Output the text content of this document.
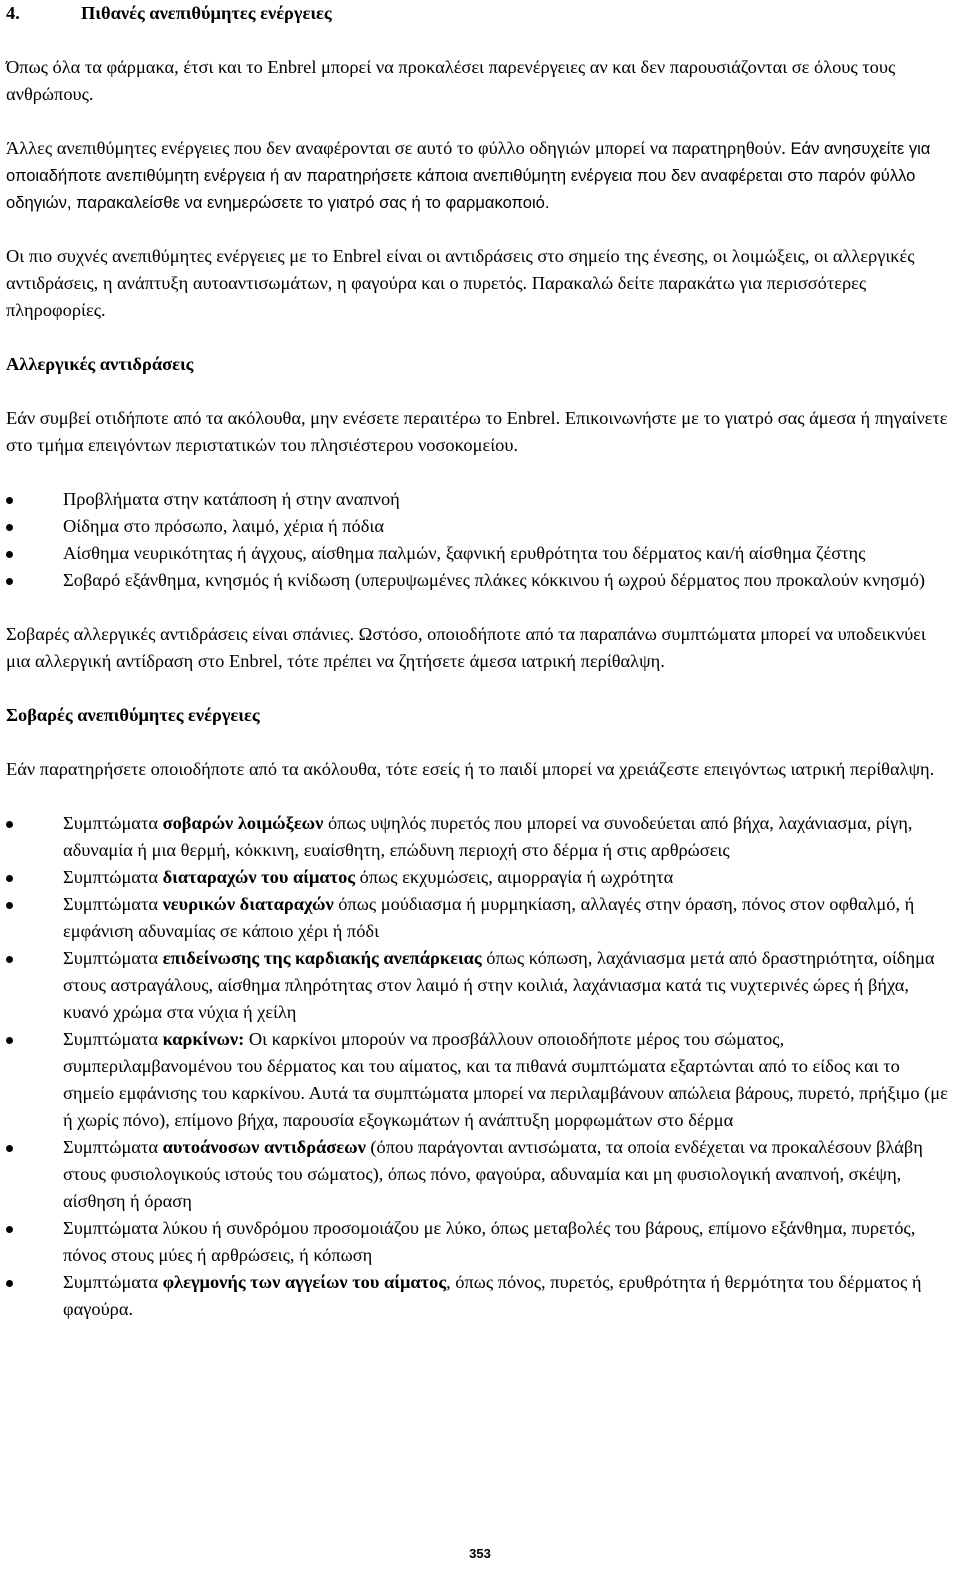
4.	Πιθανές ανεπιθύμητες ενέργειες

Όπως όλα τα φάρμακα, έτσι και το Enbrel μπορεί να προκαλέσει παρενέργειες αν και δεν παρουσιάζονται σε όλους τους ανθρώπους.

Άλλες ανεπιθύμητες ενέργειες που δεν αναφέρονται σε αυτό το φύλλο οδηγιών μπορεί να παρατηρηθούν. Εάν ανησυχείτε για οποιαδήποτε ανεπιθύμητη ενέργεια ή αν παρατηρήσετε κάποια ανεπιθύμητη ενέργεια που δεν αναφέρεται στο παρόν φύλλο οδηγιών, παρακαλείσθε να ενημερώσετε το γιατρό σας ή το φαρμακοποιό.

Οι πιο συχνές ανεπιθύμητες ενέργειες με το Enbrel είναι οι αντιδράσεις στο σημείο της ένεσης, οι λοιμώξεις, οι αλλεργικές αντιδράσεις, η ανάπτυξη αυτοαντισωμάτων, η φαγούρα και ο πυρετός. Παρακαλώ δείτε παρακάτω για περισσότερες πληροφορίες.

Αλλεργικές αντιδράσεις

Εάν συμβεί οτιδήποτε από τα ακόλουθα, μην ενέσετε περαιτέρω το Enbrel. Επικοινωνήστε με το γιατρό σας άμεσα ή πηγαίνετε στο τμήμα επειγόντων περιστατικών του πλησιέστερου νοσοκομείου.

Προβλήματα στην κατάποση ή στην αναπνοή
Οίδημα στο πρόσωπο, λαιμό, χέρια ή πόδια
Αίσθημα νευρικότητας ή άγχους, αίσθημα παλμών, ξαφνική ερυθρότητα του δέρματος και/ή αίσθημα ζέστης
Σοβαρό εξάνθημα, κνησμός ή κνίδωση (υπερυψωμένες πλάκες κόκκινου ή ωχρού δέρματος που προκαλούν κνησμό)

Σοβαρές αλλεργικές αντιδράσεις είναι σπάνιες. Ωστόσο, οποιοδήποτε από τα παραπάνω συμπτώματα μπορεί να υποδεικνύει μια αλλεργική αντίδραση στο Enbrel, τότε πρέπει να ζητήσετε άμεσα ιατρική περίθαλψη.

Σοβαρές ανεπιθύμητες ενέργειες

Εάν παρατηρήσετε οποιοδήποτε από τα ακόλουθα, τότε εσείς ή το παιδί μπορεί να χρειάζεστε επειγόντως ιατρική περίθαλψη.

Συμπτώματα σοβαρών λοιμώξεων όπως υψηλός πυρετός που μπορεί να συνοδεύεται από βήχα, λαχάνιασμα, ρίγη, αδυναμία ή μια θερμή, κόκκινη, ευαίσθητη, επώδυνη περιοχή στο δέρμα ή στις αρθρώσεις
Συμπτώματα διαταραχών του αίματος όπως εκχυμώσεις, αιμορραγία ή ωχρότητα
Συμπτώματα νευρικών διαταραχών όπως μούδιασμα ή μυρμηκίαση, αλλαγές στην όραση, πόνος στον οφθαλμό, ή εμφάνιση αδυναμίας σε κάποιο χέρι ή πόδι
Συμπτώματα επιδείνωσης της καρδιακής ανεπάρκειας όπως κόπωση, λαχάνιασμα μετά από δραστηριότητα, οίδημα στους αστραγάλους, αίσθημα πληρότητας στον λαιμό ή στην κοιλιά, λαχάνιασμα κατά τις νυχτερινές ώρες ή βήχα, κυανό χρώμα στα νύχια ή χείλη
Συμπτώματα καρκίνων: Οι καρκίνοι μπορούν να προσβάλλουν οποιοδήποτε μέρος του σώματος, συμπεριλαμβανομένου του δέρματος και του αίματος, και τα πιθανά συμπτώματα εξαρτώνται από το είδος και το σημείο εμφάνισης του καρκίνου. Αυτά τα συμπτώματα μπορεί να περιλαμβάνουν απώλεια βάρους, πυρετό, πρήξιμο (με ή χωρίς πόνο), επίμονο βήχα, παρουσία εξογκωμάτων ή ανάπτυξη μορφωμάτων στο δέρμα
Συμπτώματα αυτοάνοσων αντιδράσεων (όπου παράγονται αντισώματα, τα οποία ενδέχεται να προκαλέσουν βλάβη στους φυσιολογικούς ιστούς του σώματος), όπως πόνο, φαγούρα, αδυναμία και μη φυσιολογική αναπνοή, σκέψη, αίσθηση ή όραση
Συμπτώματα λύκου ή συνδρόμου προσομοιάζου με λύκο, όπως μεταβολές του βάρους, επίμονο εξάνθημα, πυρετός, πόνος στους μύες ή αρθρώσεις, ή κόπωση
Συμπτώματα φλεγμονής των αγγείων του αίματος, όπως πόνος, πυρετός, ερυθρότητα ή θερμότητα του δέρματος ή φαγούρα.
353
